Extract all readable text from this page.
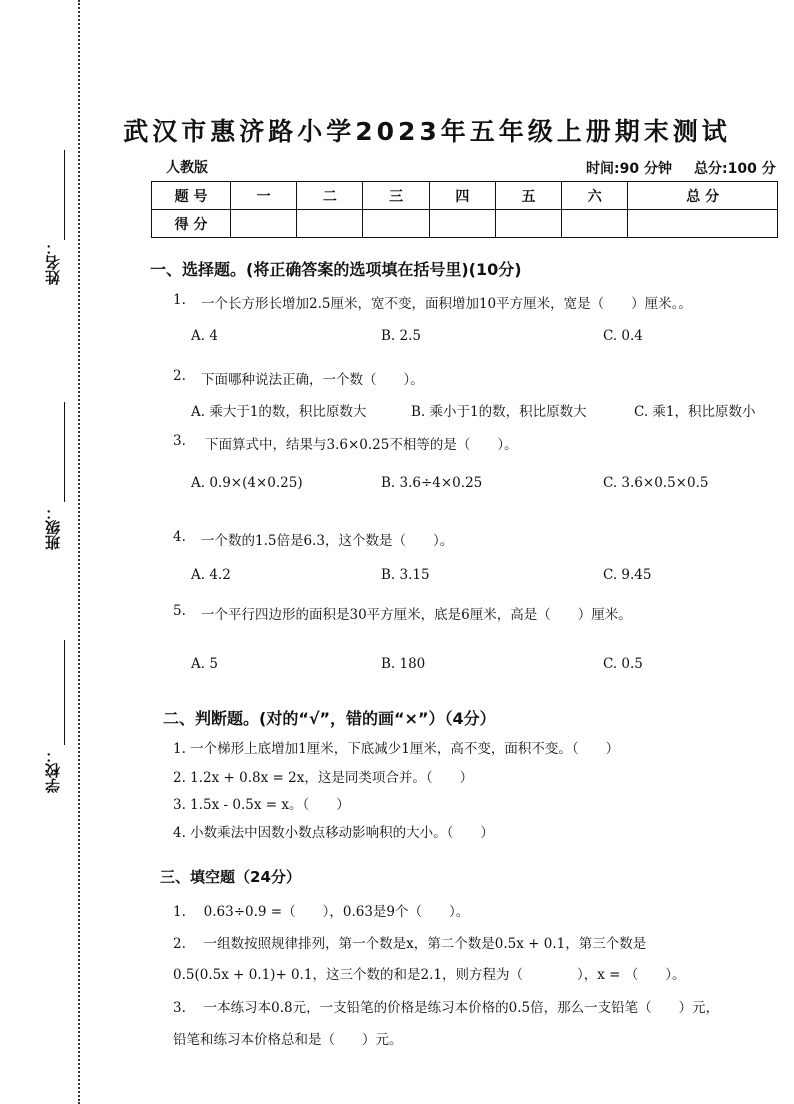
姓名：
班级：
学校：
武汉市惠济路小学2023年五年级上册期末测试
人教版	时间:90 分钟 总分:100 分
题 号	一	二	三	四	五	六	总 分
得 分							
一、选择题。(将正确答案的选项填在括号里)(10分)
1. 一个长方形长增加2.5厘米，宽不变，面积增加10平方厘米，宽是（　　）厘米。。
A. 4	B. 2.5	C. 0.4
2. 下面哪种说法正确，一个数（　　）。
A. 乘大于1的数，积比原数大	B. 乘小于1的数，积比原数大	C. 乘1，积比原数小
3. 下面算式中，结果与3.6×0.25不相等的是（　　）。
A. 0.9×(4×0.25)	B. 3.6÷4×0.25	C. 3.6×0.5×0.5
4. 一个数的1.5倍是6.3，这个数是（　　）。
A. 4.2	B. 3.15	C. 9.45
5. 一个平行四边形的面积是30平方厘米，底是6厘米，高是（　　）厘米。
A. 5	B. 180	C. 0.5
二、判断题。(对的“√”，错的画“×”）（4分）
1. 一个梯形上底增加1厘米，下底减少1厘米，高不变，面积不变。（　　）
2. 1.2x + 0.8x = 2x，这是同类项合并。（　　）
3. 1.5x - 0.5x = x。（　　）
4. 小数乘法中因数小数点移动影响积的大小。（　　）
三、填空题（24分）
1.　 0.63÷0.9 =（　　），0.63是9个（　　）。
2.　 一组数按照规律排列，第一个数是x，第二个数是0.5x + 0.1，第三个数是
0.5(0.5x + 0.1)+ 0.1，这三个数的和是2.1，则方程为（　　　　），x = （　　）。
3.　 一本练习本0.8元，一支铅笔的价格是练习本价格的0.5倍，那么一支铅笔（　　）元，
铅笔和练习本价格总和是（　　）元。
